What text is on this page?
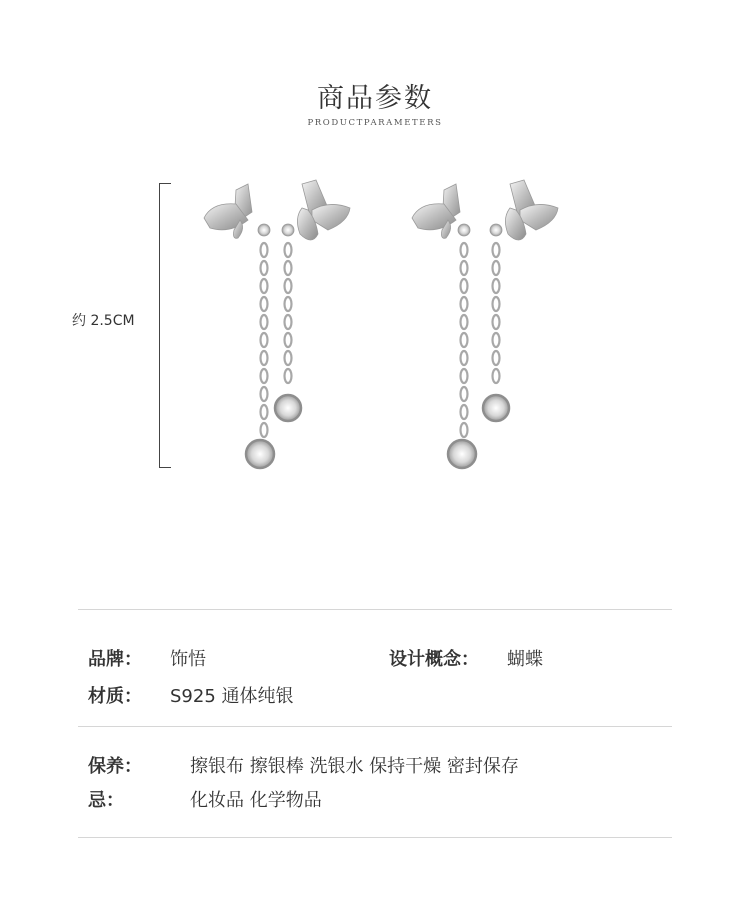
商品参数
PRODUCTPARAMETERS
约 2.5CM
品牌： 饰悟	设计概念： 蝴蝶
材质： S925 通体纯银
保养：	擦银布 擦银棒 洗银水 保持干燥 密封保存
忌：	化妆品 化学物品
